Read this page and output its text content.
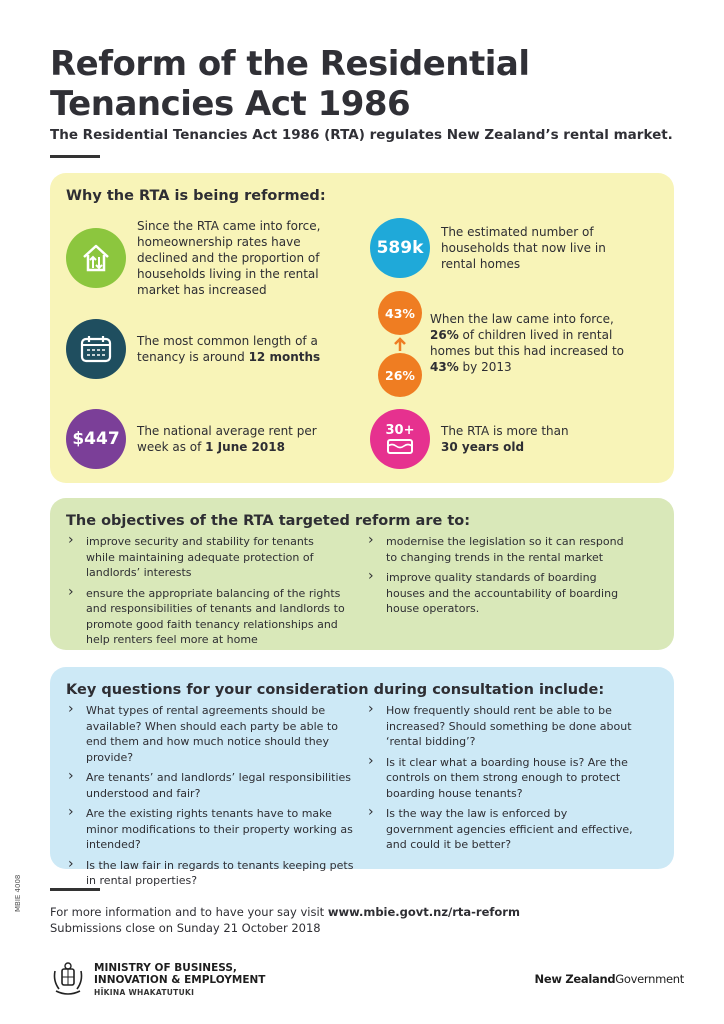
Reform of the Residential
Tenancies Act 1986
The Residential Tenancies Act 1986 (RTA) regulates New Zealand’s rental market.
Why the RTA is being reformed:
Since the RTA came into force, homeownership rates have declined and the proportion of households living in the rental market has increased
The most common length of a tenancy is around 12 months
$447	The national average rent per week as of 1 June 2018
589k
The estimated number of households that now live in rental homes
43%
26%
When the law came into force, 26% of children lived in rental homes but this had increased to 43% by 2013
30+ The RTA is more than
30 years old
The objectives of the RTA targeted reform are to:
› improve security and stability for tenants while maintaining adequate protection of landlords’ interests
› ensure the appropriate balancing of the rights and responsibilities of tenants and landlords to promote good faith tenancy relationships and help renters feel more at home
› modernise the legislation so it can respond to changing trends in the rental market
› improve quality standards of boarding houses and the accountability of boarding house operators.
Key questions for your consideration during consultation include:
› What types of rental agreements should be available? When should each party be able to end them and how much notice should they provide?
› Are tenants’ and landlords’ legal responsibilities understood and fair?
› Are the existing rights tenants have to make minor modifications to their property working as intended?
› Is the law fair in regards to tenants keeping pets in rental properties?
› How frequently should rent be able to be increased? Should something be done about ‘rental bidding’?
› Is it clear what a boarding house is? Are the controls on them strong enough to protect boarding house tenants?
› Is the way the law is enforced by government agencies efficient and effective, and could it be better?
MBIE 4008 For more information and to have your say visit www.mbie.govt.nz/rta-reform
Submissions close on Sunday 21 October 2018
MINISTRY OF BUSINESS,
INNOVATION & EMPLOYMENT
HĪKINA WHAKATUTUKI
New ZealandGovernment
